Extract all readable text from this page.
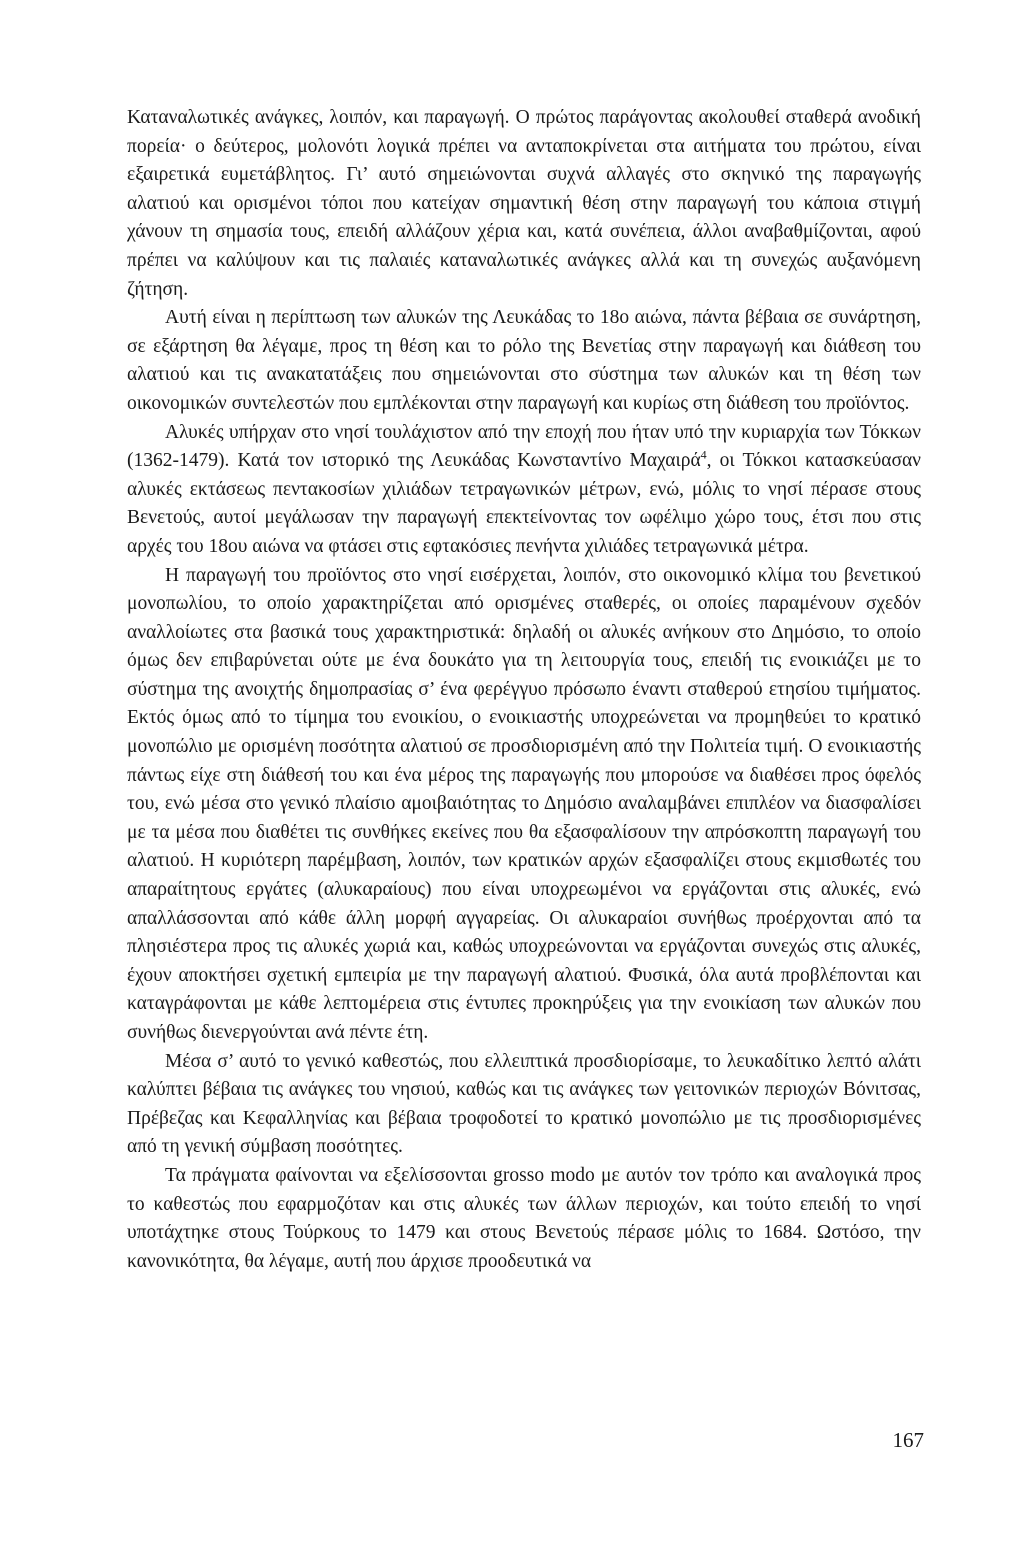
Καταναλωτικές ανάγκες, λοιπόν, και παραγωγή. Ο πρώτος παράγοντας ακολουθεί σταθερά ανοδική πορεία· ο δεύτερος, μολονότι λογικά πρέπει να ανταποκρίνεται στα αιτήματα του πρώτου, είναι εξαιρετικά ευμετάβλητος. Γι’ αυτό σημειώνονται συχνά αλλαγές στο σκηνικό της παραγωγής αλατιού και ορισμένοι τόποι που κατείχαν σημαντική θέση στην παραγωγή του κάποια στιγμή χάνουν τη σημασία τους, επειδή αλλάζουν χέρια και, κατά συνέπεια, άλλοι αναβαθμίζονται, αφού πρέπει να καλύψουν και τις παλαιές καταναλωτικές ανάγκες αλλά και τη συνεχώς αυξανόμενη ζήτηση.

Αυτή είναι η περίπτωση των αλυκών της Λευκάδας το 18ο αιώνα, πάντα βέβαια σε συνάρτηση, σε εξάρτηση θα λέγαμε, προς τη θέση και το ρόλο της Βενετίας στην παραγωγή και διάθεση του αλατιού και τις ανακατατάξεις που σημειώνονται στο σύστημα των αλυκών και τη θέση των οικονομικών συντελεστών που εμπλέκονται στην παραγωγή και κυρίως στη διάθεση του προϊόντος.

Αλυκές υπήρχαν στο νησί τουλάχιστον από την εποχή που ήταν υπό την κυριαρχία των Τόκκων (1362-1479). Κατά τον ιστορικό της Λευκάδας Κωνσταντίνο Μαχαιρά$^4$, οι Τόκκοι κατασκεύασαν αλυκές εκτάσεως πεντακοσίων χιλιάδων τετραγωνικών μέτρων, ενώ, μόλις το νησί πέρασε στους Βενετούς, αυτοί μεγάλωσαν την παραγωγή επεκτείνοντας τον ωφέλιμο χώρο τους, έτσι που στις αρχές του 18ου αιώνα να φτάσει στις εφτακόσιες πενήντα χιλιάδες τετραγωνικά μέτρα.

Η παραγωγή του προϊόντος στο νησί εισέρχεται, λοιπόν, στο οικονομικό κλίμα του βενετικού μονοπωλίου, το οποίο χαρακτηρίζεται από ορισμένες σταθερές, οι οποίες παραμένουν σχεδόν αναλλοίωτες στα βασικά τους χαρακτηριστικά: δηλαδή οι αλυκές ανήκουν στο Δημόσιο, το οποίο όμως δεν επιβαρύνεται ούτε με ένα δουκάτο για τη λειτουργία τους, επειδή τις ενοικιάζει με το σύστημα της ανοιχτής δημοπρασίας σ’ ένα φερέγγυο πρόσωπο έναντι σταθερού ετησίου τιμήματος. Εκτός όμως από το τίμημα του ενοικίου, ο ενοικιαστής υποχρεώνεται να προμηθεύει το κρατικό μονοπώλιο με ορισμένη ποσότητα αλατιού σε προσδιορισμένη από την Πολιτεία τιμή. Ο ενοικιαστής πάντως είχε στη διάθεσή του και ένα μέρος της παραγωγής που μπορούσε να διαθέσει προς όφελός του, ενώ μέσα στο γενικό πλαίσιο αμοιβαιότητας το Δημόσιο αναλαμβάνει επιπλέον να διασφαλίσει με τα μέσα που διαθέτει τις συνθήκες εκείνες που θα εξασφαλίσουν την απρόσκοπτη παραγωγή του αλατιού. Η κυριότερη παρέμβαση, λοιπόν, των κρατικών αρχών εξασφαλίζει στους εκμισθωτές του απαραίτητους εργάτες (αλυκαραίους) που είναι υποχρεωμένοι να εργάζονται στις αλυκές, ενώ απαλλάσσονται από κάθε άλλη μορφή αγγαρείας. Οι αλυκαραίοι συνήθως προέρχονται από τα πλησιέστερα προς τις αλυκές χωριά και, καθώς υποχρεώνονται να εργάζονται συνεχώς στις αλυκές, έχουν αποκτήσει σχετική εμπειρία με την παραγωγή αλατιού. Φυσικά, όλα αυτά προβλέπονται και καταγράφονται με κάθε λεπτομέρεια στις έντυπες προκηρύξεις για την ενοικίαση των αλυκών που συνήθως διενεργούνται ανά πέντε έτη.

Μέσα σ’ αυτό το γενικό καθεστώς, που ελλειπτικά προσδιορίσαμε, το λευκαδίτικο λεπτό αλάτι καλύπτει βέβαια τις ανάγκες του νησιού, καθώς και τις ανάγκες των γειτονικών περιοχών Βόνιτσας, Πρέβεζας και Κεφαλληνίας και βέβαια τροφοδοτεί το κρατικό μονοπώλιο με τις προσδιορισμένες από τη γενική σύμβαση ποσότητες.

Τα πράγματα φαίνονται να εξελίσσονται grosso modo με αυτόν τον τρόπο και αναλογικά προς το καθεστώς που εφαρμοζόταν και στις αλυκές των άλλων περιοχών, και τούτο επειδή το νησί υποτάχτηκε στους Τούρκους το 1479 και στους Βενετούς πέρασε μόλις το 1684. Ωστόσο, την κανονικότητα, θα λέγαμε, αυτή που άρχισε προοδευτικά να

167
